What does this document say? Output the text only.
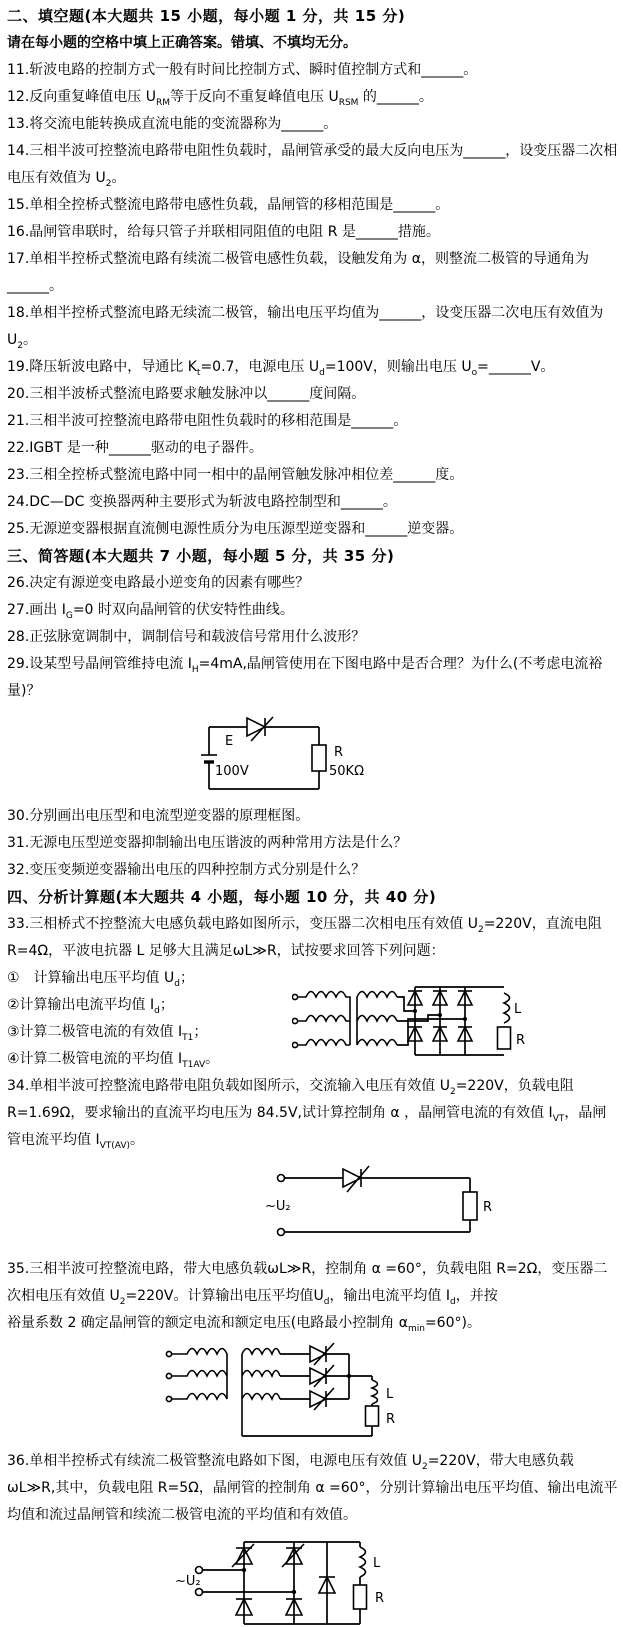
二、填空题(本大题共 15 小题，每小题 1 分，共 15 分)

请在每小题的空格中填上正确答案。错填、不填均无分。

11.斩波电路的控制方式一般有时间比控制方式、瞬时值控制方式和______。

12.反向重复峰值电压 $U_{RM}$等于反向不重复峰值电压 $U_{RSM}$ 的______。

13.将交流电能转换成直流电能的变流器称为______。

14.三相半波可控整流电路带电阻性负载时，晶闸管承受的最大反向电压为______，设变压器二次相电压有效值为 $U_2$。

15.单相全控桥式整流电路带电感性负载，晶闸管的移相范围是______。

16.晶闸管串联时，给每只管子并联相同阻值的电阻 R 是______措施。

17.单相半控桥式整流电路有续流二极管电感性负载，设触发角为 α，则整流二极管的导通角为______。

18.单相半控桥式整流电路无续流二极管，输出电压平均值为______，设变压器二次电压有效值为 $U_2$。

19.降压斩波电路中，导通比 $K_t=0.7$，电源电压 $U_d=100V$，则输出电压 $U_o=\_\_\_\_\_\_V$。

20.三相半波桥式整流电路要求触发脉冲以______度间隔。

21.三相半波可控整流电路带电阻性负载时的移相范围是______。

22.IGBT 是一种______驱动的电子器件。

23.三相全控桥式整流电路中同一相中的晶闸管触发脉冲相位差______度。

24.DC—DC 变换器两种主要形式为斩波电路控制型和______。

25.无源逆变器根据直流侧电源性质分为电压源型逆变器和______逆变器。

三、简答题(本大题共 7 小题，每小题 5 分，共 35 分)

26.决定有源逆变电路最小逆变角的因素有哪些？

27.画出 $I_G=0$ 时双向晶闸管的伏安特性曲线。

28.正弦脉宽调制中，调制信号和载波信号常用什么波形？

29.设某型号晶闸管维持电流 $I_H=4mA$,晶闸管使用在下图电路中是否合理？为什么(不考虑电流裕量)？

E
100V
R
50KΩ

30.分别画出电压型和电流型逆变器的原理框图。

31.无源电压型逆变器抑制输出电压谐波的两种常用方法是什么？

32.变压变频逆变器输出电压的四种控制方式分别是什么？

四、分析计算题(本大题共 4 小题，每小题 10 分，共 40 分)

33.三相桥式不控整流大电感负载电路如图所示，变压器二次相电压有效值 $U_2=220V$，直流电阻 R=4Ω，平波电抗器 L 足够大且满足ωL≫R，试按要求回答下列问题：

①　计算输出电压平均值 $U_d$；

②计算输出电流平均值 $I_d$；

③计算二极管电流的有效值 $I_{T1}$；

④计算二极管电流的平均值 $I_{T1AV}$。

L
R

34.单相半波可控整流电路带电阻负载如图所示，交流输入电压有效值 $U_2=220V$，负载电阻 R=1.69Ω，要求输出的直流平均电压为 84.5V,试计算控制角 α ，晶闸管电流的有效值 $I_{VT}$，晶闸管电流平均值 $I_{VT(AV)}$。

~U₂	R

35.三相半波可控整流电路，带大电感负载ωL≫R，控制角 α =60°，负载电阻 R=2Ω，变压器二次相电压有效值 $U_2=220V$。计算输出电压平均值$U_d$，输出电流平均值 $I_d$，并按
裕量系数 2 确定晶闸管的额定电流和额定电压(电路最小控制角 $\alpha_{min}=60^\circ$)。

L
R

36.单相半控桥式有续流二极管整流电路如下图，电源电压有效值 $U_2=220V$，带大电感负载ωL≫R,其中，负载电阻 R=5Ω，晶闸管的控制角 α =60°，分别计算输出电压平均值、输出电流平均值和流过晶闸管和续流二极管电流的平均值和有效值。

~U₂
L
R
